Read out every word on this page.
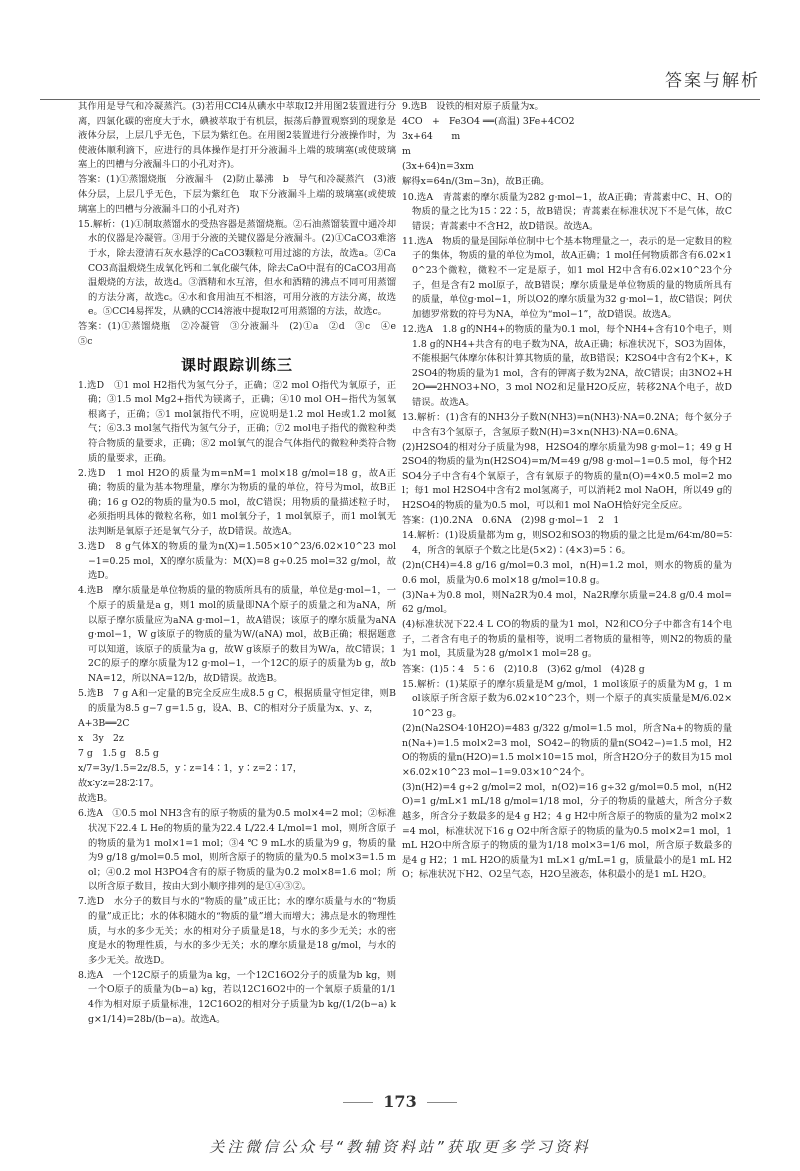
答案与解析

其作用是导气和冷凝蒸汽。(3)若用CCl4从碘水中萃取I2并用图2装置进行分离，四氯化碳的密度大于水，碘被萃取于有机层，振荡后静置观察到的现象是液体分层，上层几乎无色，下层为紫红色。在用图2装置进行分液操作时，为使液体顺利滴下，应进行的具体操作是打开分液漏斗上端的玻璃塞(或使玻璃塞上的凹槽与分液漏斗口的小孔对齐)。

答案：(1)①蒸馏烧瓶　分液漏斗　(2)防止暴沸　b　导气和冷凝蒸汽　(3)液体分层，上层几乎无色，下层为紫红色　取下分液漏斗上端的玻璃塞(或使玻璃塞上的凹槽与分液漏斗口的小孔对齐)

15.解析：(1)①制取蒸馏水的受热容器是蒸馏烧瓶。②石油蒸馏装置中通冷却水的仪器是冷凝管。③用于分液的关键仪器是分液漏斗。(2)①CaCO3难溶于水，除去澄清石灰水悬浮的CaCO3颗粒可用过滤的方法，故选a。②CaCO3高温煅烧生成氧化钙和二氧化碳气体，除去CaO中混有的CaCO3用高温煅烧的方法，故选d。③酒精和水互溶，但水和酒精的沸点不同可用蒸馏的方法分离，故选c。④水和食用油互不相溶，可用分液的方法分离，故选e。⑤CCl4易挥发，从碘的CCl4溶液中提取I2可用蒸馏的方法，故选c。

答案：(1)①蒸馏烧瓶　②冷凝管　③分液漏斗　(2)①a　②d　③c　④e　⑤c

课时跟踪训练三

1.选D　①1 mol H2指代为氢气分子，正确；②2 mol O指代为氧原子，正确；③1.5 mol Mg2+指代为镁离子，正确；④10 mol OH−指代为氢氧根离子，正确；⑤1 mol氯指代不明，应说明是1.2 mol He或1.2 mol氦气；⑥3.3 mol氢气指代为氢气分子，正确；⑦2 mol电子指代的微粒种类符合物质的量要求，正确；⑧2 mol氧气的混合气体指代的微粒种类符合物质的量要求，正确。

2.选D　1 mol H2O的质量为m=nM=1 mol×18 g/mol=18 g，故A正确；物质的量为基本物理量，摩尔为物质的量的单位，符号为mol，故B正确；16 g O2的物质的量为0.5 mol，故C错误；用物质的量描述粒子时，必须指明具体的微粒名称，如1 mol氧分子，1 mol氧原子，而1 mol氧无法判断是氧原子还是氧气分子，故D错误。故选A。

3.选D　8 g气体X的物质的量为n(X)=1.505×10^23/6.02×10^23 mol−1=0.25 mol，X的摩尔质量为：M(X)=8 g÷0.25 mol=32 g/mol，故选D。

4.选B　摩尔质量是单位物质的量的物质所具有的质量，单位是g·mol−1，一个原子的质量是a g，则1 mol的质量即NA个原子的质量之和为aNA，所以原子摩尔质量应为aNA g·mol−1，故A错误；该原子的摩尔质量为aNA g·mol−1，W g该原子的物质的量为W/(aNA) mol，故B正确；根据题意可以知道，该原子的质量为a g，故W g该原子的数目为W/a，故C错误；12C的原子的摩尔质量为12 g·mol−1，一个12C的原子的质量为b g，故bNA=12，所以NA=12/b，故D错误。故选B。

5.选B　7 g A和一定量的B完全反应生成8.5 g C，根据质量守恒定律，则B的质量为8.5 g−7 g=1.5 g，设A、B、C的相对分子质量为x、y、z，

A+3B══2C

x　3y　2z

7 g　1.5 g　8.5 g

x/7=3y/1.5=2z/8.5，y∶z=14∶1，y∶z=2∶17，

故x∶y∶z=28∶2∶17。

故选B。

6.选A　①0.5 mol NH3含有的原子物质的量为0.5 mol×4=2 mol；②标准状况下22.4 L He的物质的量为22.4 L/22.4 L/mol=1 mol，则所含原子的物质的量为1 mol×1=1 mol；③4 ℃ 9 mL水的质量为9 g，物质的量为9 g/18 g/mol=0.5 mol，则所含原子的物质的量为0.5 mol×3=1.5 mol；④0.2 mol H3PO4含有的原子物质的量为0.2 mol×8=1.6 mol；所以所含原子数目，按由大到小顺序排列的是①④③②。

7.选D　水分子的数目与水的“物质的量”成正比；水的摩尔质量与水的“物质的量”成正比；水的体积随水的“物质的量”增大而增大；沸点是水的物理性质，与水的多少无关；水的相对分子质量是18，与水的多少无关；水的密度是水的物理性质，与水的多少无关；水的摩尔质量是18 g/mol，与水的多少无关。故选D。

8.选A　一个12C原子的质量为a kg，一个12C16O2分子的质量为b kg，则一个O原子的质量为(b−a) kg，若以12C16O2中的一个氧原子质量的1/14作为相对原子质量标准，12C16O2的相对分子质量为b kg/(1/2(b−a) kg×1/14)=28b/(b−a)。故选A。

9.选B　设铁的相对原子质量为x。

4CO　+　Fe3O4 ══(高温) 3Fe+4CO2

3x+64　　m

m

(3x+64)n=3xm

解得x=64n/(3m−3n)，故B正确。

10.选A　青蒿素的摩尔质量为282 g·mol−1，故A正确；青蒿素中C、H、O的物质的量之比为15∶22∶5，故B错误；青蒿素在标准状况下不是气体，故C错误；青蒿素中不含H2，故D错误。故选A。

11.选A　物质的量是国际单位制中七个基本物理量之一，表示的是一定数目的粒子的集体，物质的量的单位为mol，故A正确；1 mol任何物质都含有6.02×10^23个微粒，微粒不一定是原子，如1 mol H2中含有6.02×10^23个分子，但是含有2 mol原子，故B错误；摩尔质量是单位物质的量的物质所具有的质量，单位g·mol−1，所以O2的摩尔质量为32 g·mol−1，故C错误；阿伏加德罗常数的符号为NA，单位为“mol−1”，故D错误。故选A。

12.选A　1.8 g的NH4+的物质的量为0.1 mol，每个NH4+含有10个电子，则1.8 g的NH4+共含有的电子数为NA，故A正确；标准状况下，SO3为固体，不能根据气体摩尔体积计算其物质的量，故B错误；K2SO4中含有2个K+，K2SO4的物质的量为1 mol，含有的钾离子数为2NA，故C错误；由3NO2+H2O══2HNO3+NO，3 mol NO2和足量H2O反应，转移2NA个电子，故D错误。故选A。

13.解析：(1)含有的NH3分子数N(NH3)=n(NH3)·NA=0.2NA；每个氨分子中含有3个氢原子，含氢原子数N(H)=3×n(NH3)·NA=0.6NA。

(2)H2SO4的相对分子质量为98，H2SO4的摩尔质量为98 g·mol−1；49 g H2SO4的物质的量为n(H2SO4)=m/M=49 g/98 g·mol−1=0.5 mol，每个H2SO4分子中含有4个氧原子，含有氧原子的物质的量n(O)=4×0.5 mol=2 mol；每1 mol H2SO4中含有2 mol氢离子，可以消耗2 mol NaOH，所以49 g的H2SO4的物质的量为0.5 mol，可以和1 mol NaOH恰好完全反应。

答案：(1)0.2NA　0.6NA　(2)98 g·mol−1　2　1

14.解析：(1)设质量都为m g，则SO2和SO3的物质的量之比是m/64∶m/80=5∶4，所含的氧原子个数之比是(5×2)∶(4×3)=5∶6。

(2)n(CH4)=4.8 g/16 g/mol=0.3 mol，n(H)=1.2 mol，则水的物质的量为0.6 mol，质量为0.6 mol×18 g/mol=10.8 g。

(3)Na+为0.8 mol，则Na2R为0.4 mol，Na2R摩尔质量=24.8 g/0.4 mol=62 g/mol。

(4)标准状况下22.4 L CO的物质的量为1 mol，N2和CO分子中都含有14个电子，二者含有电子的物质的量相等，说明二者物质的量相等，则N2的物质的量为1 mol，其质量为28 g/mol×1 mol=28 g。

答案：(1)5∶4　5∶6　(2)10.8　(3)62 g/mol　(4)28 g

15.解析：(1)某原子的摩尔质量是M g/mol，1 mol该原子的质量为M g，1 mol该原子所含原子数为6.02×10^23个，则一个原子的真实质量是M/6.02×10^23 g。

(2)n(Na2SO4·10H2O)=483 g/322 g/mol=1.5 mol，所含Na+的物质的量n(Na+)=1.5 mol×2=3 mol，SO42−的物质的量n(SO42−)=1.5 mol，H2O的物质的量n(H2O)=1.5 mol×10=15 mol，所含H2O分子的数目为15 mol×6.02×10^23 mol−1=9.03×10^24个。

(3)n(H2)=4 g÷2 g/mol=2 mol，n(O2)=16 g÷32 g/mol=0.5 mol，n(H2O)=1 g/mL×1 mL/18 g/mol=1/18 mol，分子的物质的量越大，所含分子数越多，所含分子数最多的是4 g H2；4 g H2中所含原子的物质的量为2 mol×2=4 mol，标准状况下16 g O2中所含原子的物质的量为0.5 mol×2=1 mol，1 mL H2O中所含原子的物质的量为1/18 mol×3=1/6 mol，所含原子数最多的是4 g H2；1 mL H2O的质量为1 mL×1 g/mL=1 g，质量最小的是1 mL H2O；标准状况下H2、O2呈气态，H2O呈液态，体积最小的是1 mL H2O。

173
关注微信公众号“教辅资料站”获取更多学习资料
